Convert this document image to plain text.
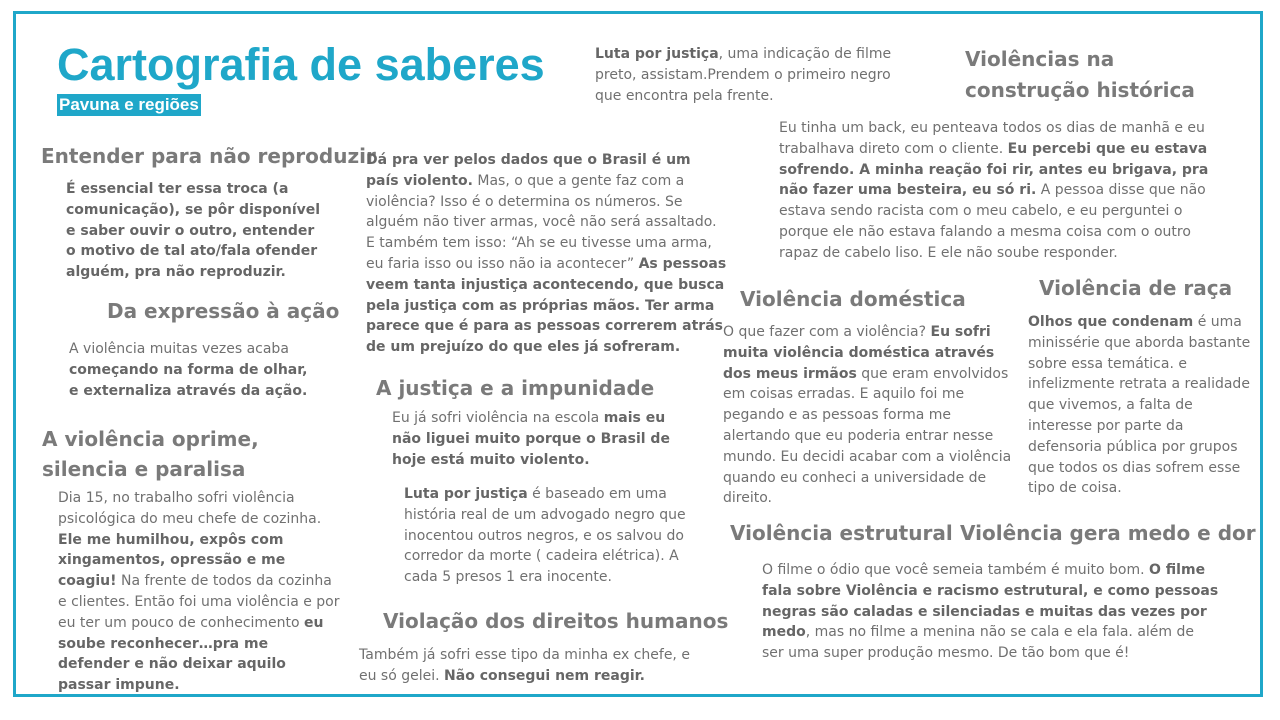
Cartografia de saberes
Pavuna e regiões

Luta por justiça, uma indicação de filme preto, assistam.Prendem o primeiro negro que encontra pela frente.

Violências na construção histórica

Eu tinha um back, eu penteava todos os dias de manhã e eu trabalhava direto com o cliente. Eu percebi que eu estava sofrendo. A minha reação foi rir, antes eu brigava, pra não fazer uma besteira, eu só ri. A pessoa disse que não estava sendo racista com o meu cabelo, e eu perguntei o porque ele não estava falando a mesma coisa com o outro rapaz de cabelo liso. E ele não soube responder.

Entender para não reproduzir

É essencial ter essa troca (a comunicação), se pôr disponível e saber ouvir o outro, entender o motivo de tal ato/fala ofender alguém, pra não reproduzir.

Dá pra ver pelos dados que o Brasil é um país violento. Mas, o que a gente faz com a violência? Isso é o determina os números. Se alguém não tiver armas, você não será assaltado. E também tem isso: “Ah se eu tivesse uma arma, eu faria isso ou isso não ia acontecer” As pessoas veem tanta injustiça acontecendo, que busca pela justiça com as próprias mãos. Ter arma parece que é para as pessoas correrem atrás de um prejuízo do que eles já sofreram.

Da expressão à ação

A violência muitas vezes acaba começando na forma de olhar, e externaliza através da ação.

Violência doméstica

O que fazer com a violência? Eu sofri muita violência doméstica através dos meus irmãos que eram envolvidos em coisas erradas. E aquilo foi me pegando e as pessoas forma me alertando que eu poderia entrar nesse mundo. Eu decidi acabar com a violência quando eu conheci a universidade de direito.

Violência de raça

Olhos que condenam é uma minissérie que aborda bastante sobre essa temática. e infelizmente retrata a realidade que vivemos, a falta de interesse por parte da defensoria pública por grupos que todos os dias sofrem esse tipo de coisa.

A justiça e a impunidade

Eu já sofri violência na escola mais eu não liguei muito porque o Brasil de hoje está muito violento.

A violência oprime, silencia e paralisa

Dia 15, no trabalho sofri violência psicológica do meu chefe de cozinha. Ele me humilhou, expôs com xingamentos, opressão e me coagiu! Na frente de todos da cozinha e clientes. Então foi uma violência e por eu ter um pouco de conhecimento eu soube reconhecer…pra me defender e não deixar aquilo passar impune.

Luta por justiça é baseado em uma história real de um advogado negro que inocentou outros negros, e os salvou do corredor da morte ( cadeira elétrica). A cada 5 presos 1 era inocente.

Violência estrutural Violência gera medo e dor

O filme o ódio que você semeia também é muito bom. O filme fala sobre Violência e racismo estrutural, e como pessoas negras são caladas e silenciadas e muitas das vezes por medo, mas no filme a menina não se cala e ela fala. além de ser uma super produção mesmo. De tão bom que é!

Violação dos direitos humanos

Também já sofri esse tipo da minha ex chefe, e eu só gelei. Não consegui nem reagir.
